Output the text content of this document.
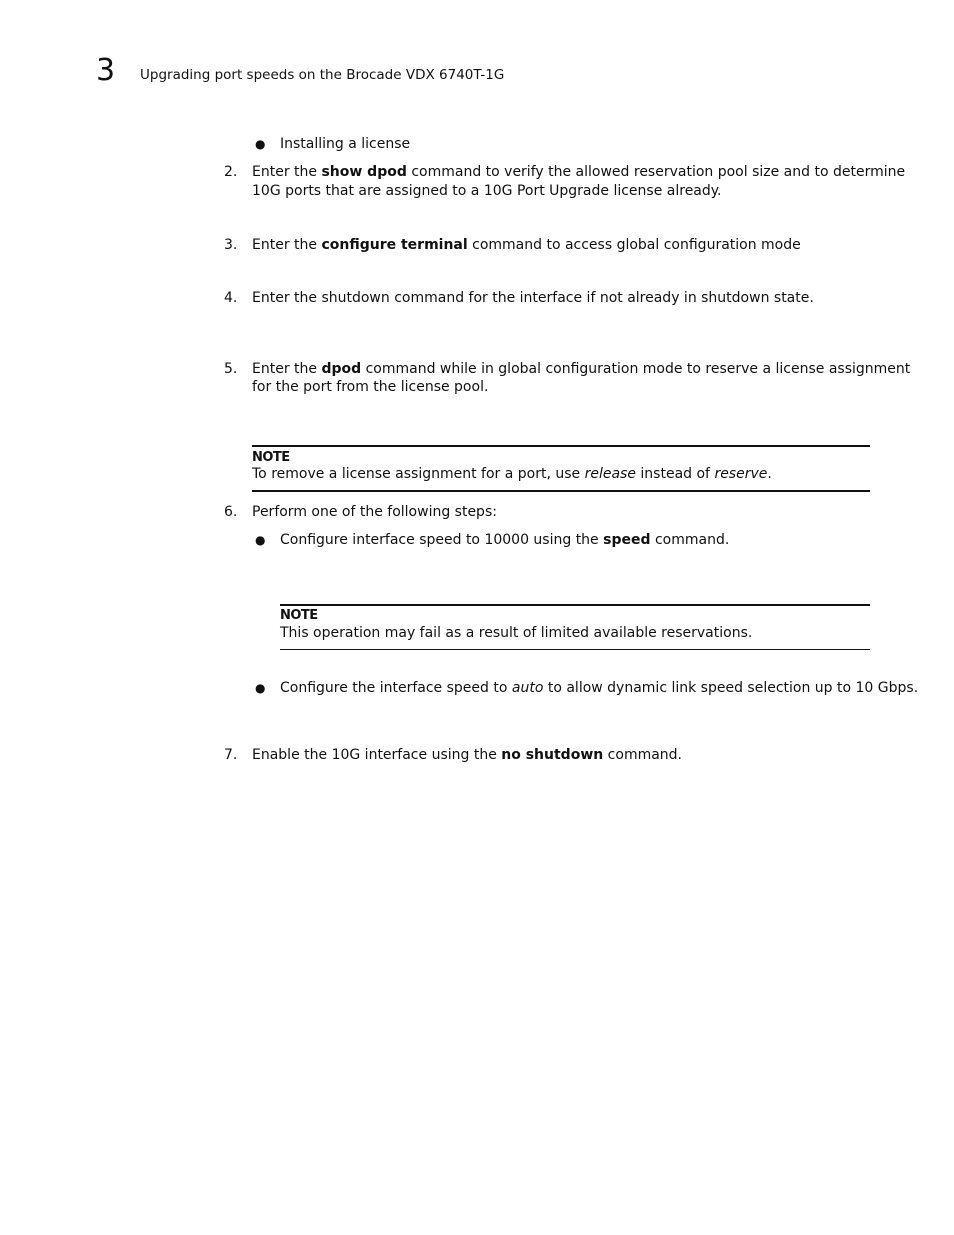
3 Upgrading port speeds on the Brocade VDX 6740T-1G
● Installing a license
2.	Enter the show dpod command to verify the allowed reservation pool size and to determine
10G ports that are assigned to a 10G Port Upgrade license already.
3.	Enter the configure terminal command to access global configuration mode
4.	Enter the shutdown command for the interface if not already in shutdown state.
5.	Enter the dpod command while in global configuration mode to reserve a license assignment
for the port from the license pool.
NOTE
To remove a license assignment for a port, use release instead of reserve.
6.	Perform one of the following steps:
● Configure interface speed to 10000 using the speed command.
NOTE
This operation may fail as a result of limited available reservations.
● Configure the interface speed to auto to allow dynamic link speed selection up to 10 Gbps.
7.	Enable the 10G interface using the no shutdown command.
